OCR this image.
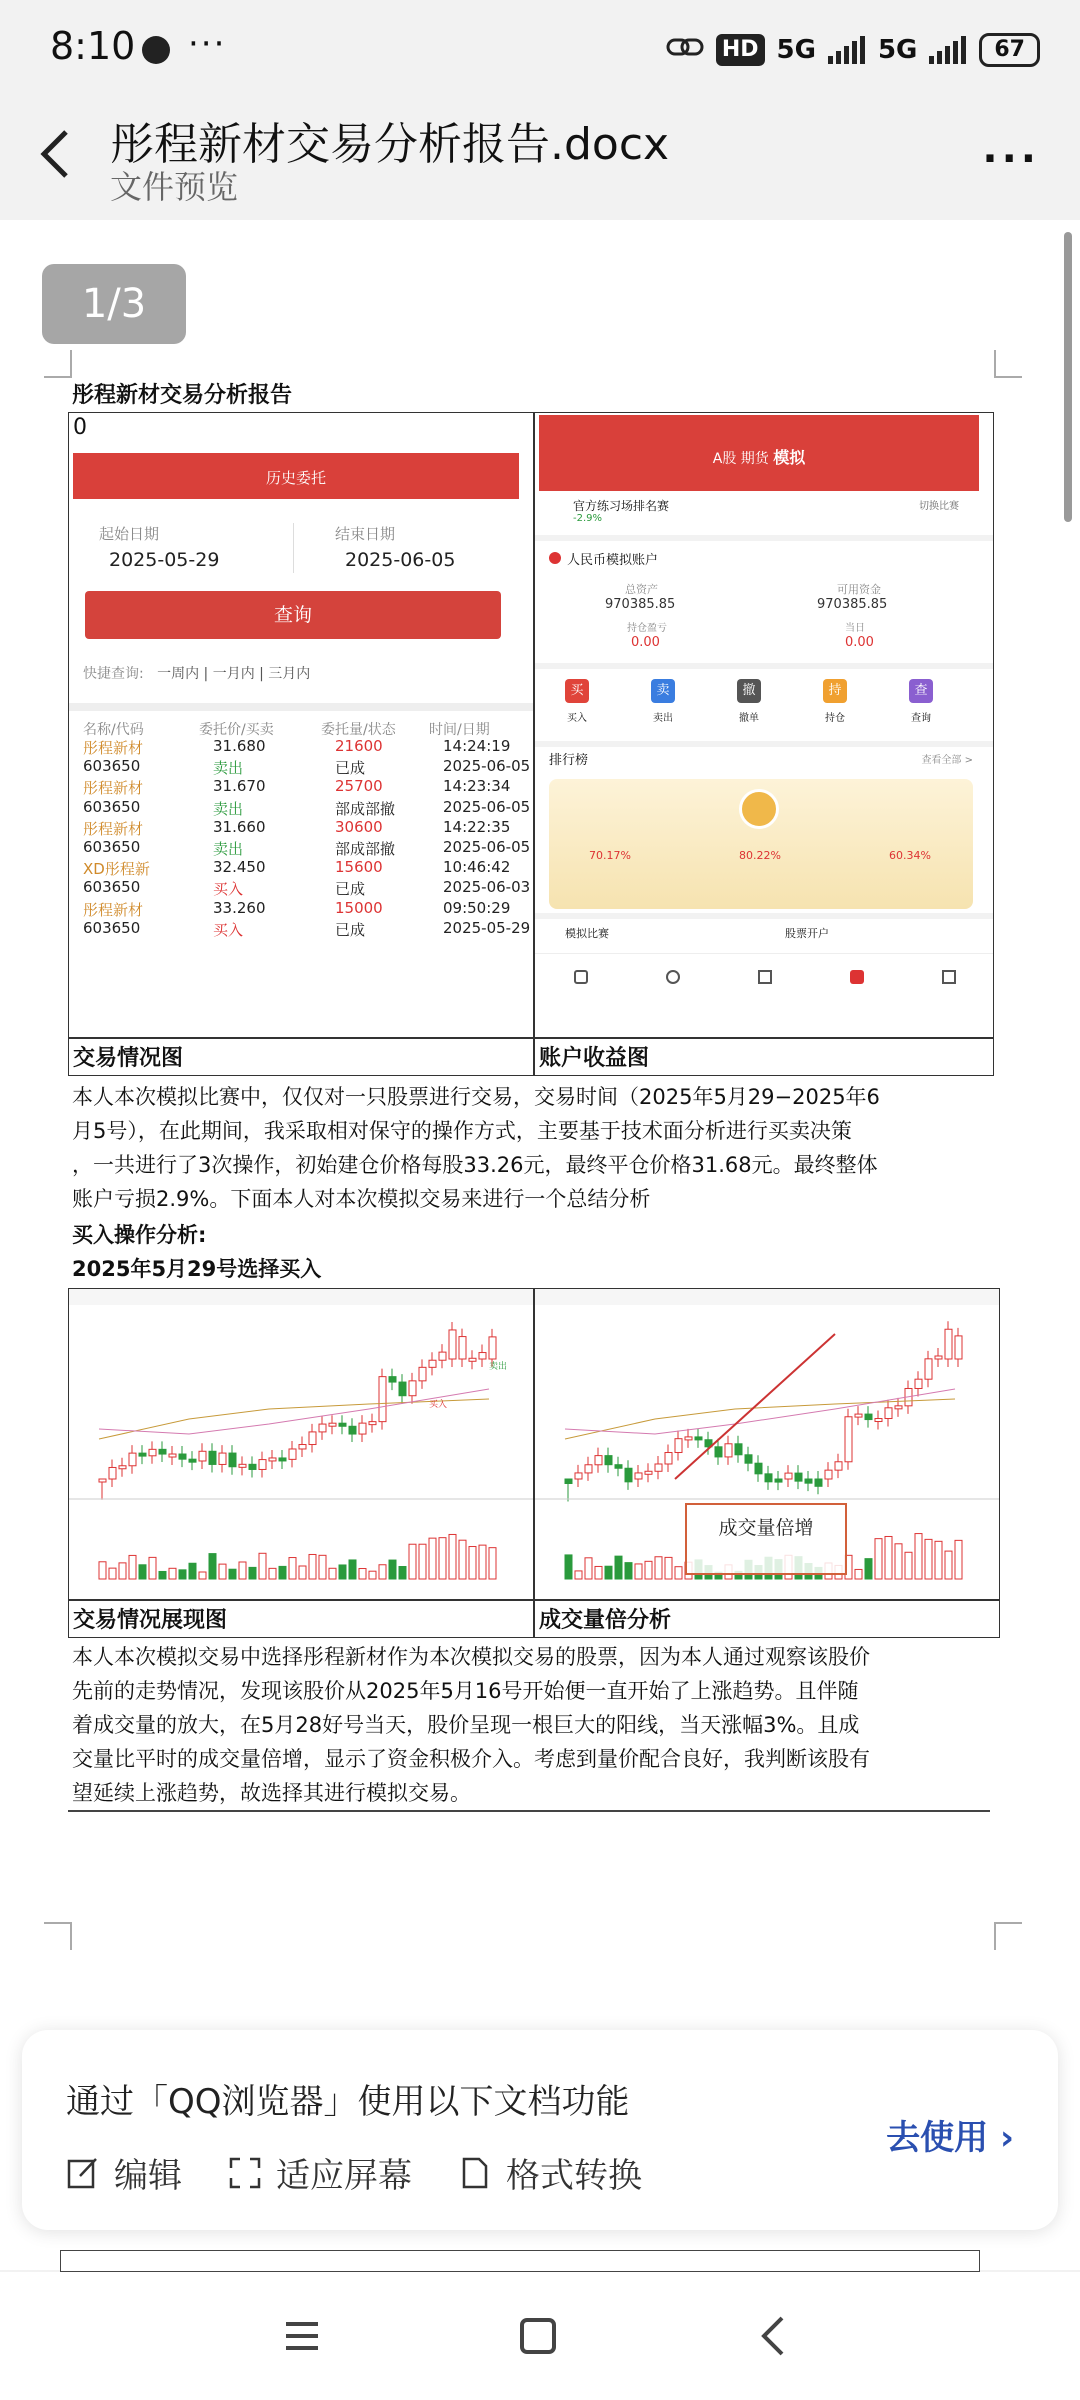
8:10 ···	HD 5G 5G	67
彤程新材交易分析报告.docx
文件预览
···
1/3
彤程新材交易分析报告
0
历史委托
起始日期
2025-05-29
结束日期
2025-06-05
查询
快捷查询: 一周内 | 一月内 | 三月内
名称/代码	委托价/买卖	委托量/状态 时间/日期
彤程新材	31.680	21600	14:24:19
603650	卖出	已成	2025-06-05
彤程新材	31.670	25700	14:23:34
603650	卖出	部成部撤	2025-06-05
彤程新材	31.660	30600	14:22:35
603650	卖出	部成部撤	2025-06-05
XD彤程新	32.450	15600	10:46:42
603650	买入	已成	2025-06-03
彤程新材	33.260	15000	09:50:29
603650	买入	已成	2025-05-29
A股 期货 模拟
官方练习场排名赛
-2.9%
切换比赛
人民币模拟账户
总资产	可用资金
970385.85	970385.85
持仓盈亏	当日
0.00	0.00
买
买入
卖
卖出
撤
撤单
持
持仓
查
查询
排行榜	查看全部 >
70.17%	80.22%	60.34%
模拟比赛	股票开户
交易情况图	账户收益图
本人本次模拟比赛中，仅仅对一只股票进行交易，交易时间（2025年5月29−2025年6
月5号），在此期间，我采取相对保守的操作方式，主要基于技术面分析进行买卖决策
，一共进行了3次操作，初始建仓价格每股33.26元，最终平仓价格31.68元。最终整体
账户亏损2.9%。下面本人对本次模拟交易来进行一个总结分析
买入操作分析:
2025年5月29号选择买入
买入
卖出
成交量倍增
交易情况展现图	成交量倍分析
本人本次模拟交易中选择彤程新材作为本次模拟交易的股票，因为本人通过观察该股价
先前的走势情况，发现该股价从2025年5月16号开始便一直开始了上涨趋势。且伴随
着成交量的放大，在5月28好号当天，股价呈现一根巨大的阳线，当天涨幅3%。且成
交量比平时的成交量倍增，显示了资金积极介入。考虑到量价配合良好，我判断该股有
望延续上涨趋势，故选择其进行模拟交易。
通过「QQ浏览器」使用以下文档功能
编辑	适应屏幕	格式转换
去使用 ›
